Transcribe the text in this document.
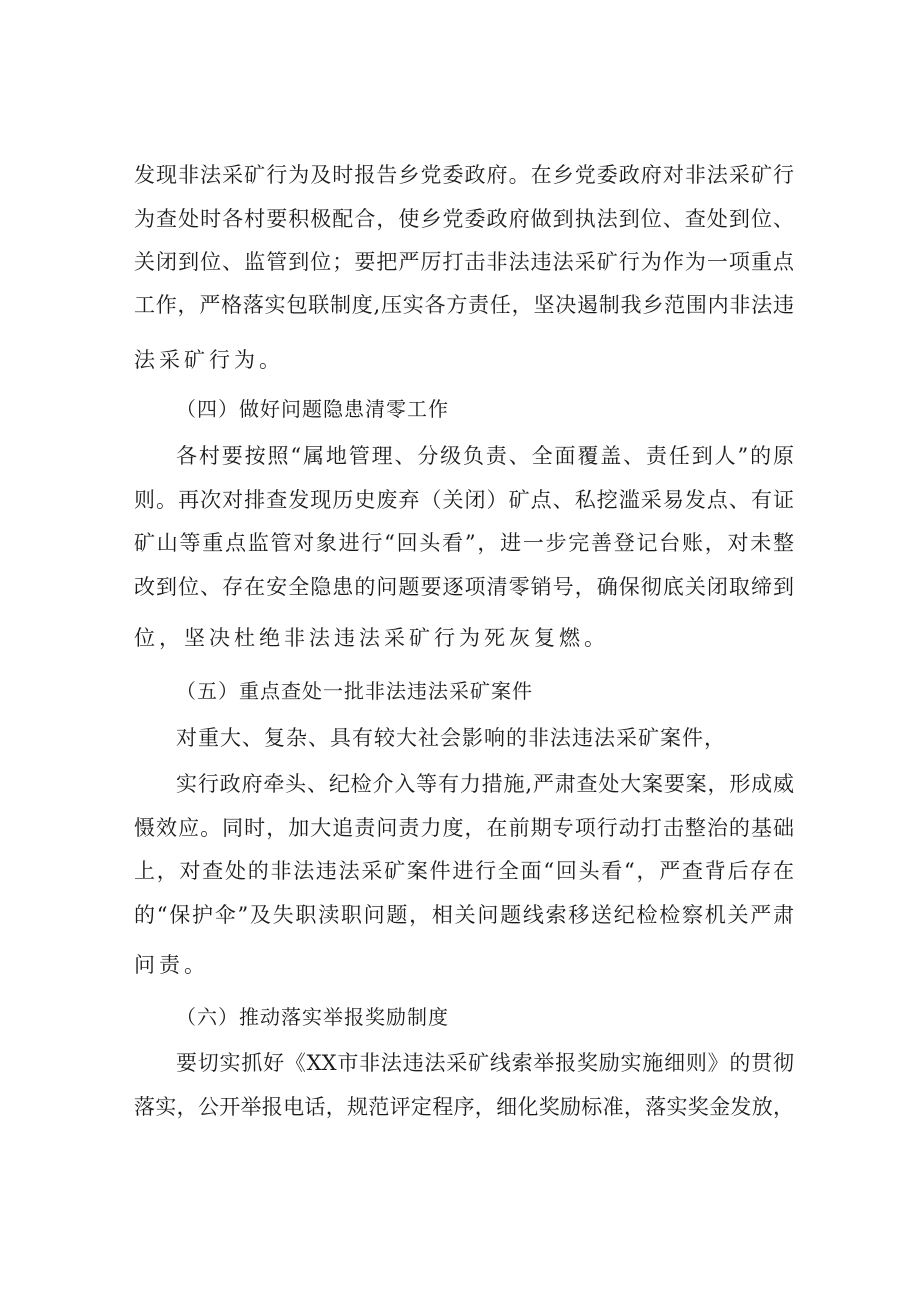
发现非法采矿行为及时报告乡党委政府。在乡党委政府对非法采矿行
为查处时各村要积极配合，使乡党委政府做到执法到位、查处到位、
关闭到位、监管到位；要把严厉打击非法违法采矿行为作为一项重点
工作，严格落实包联制度,压实各方责任，坚决遏制我乡范围内非法违
法采矿行为。
（四）做好问题隐患清零工作
各村要按照“属地管理、分级负责、全面覆盖、责任到人”的原
则。再次对排查发现历史废弃（关闭）矿点、私挖滥采易发点、有证
矿山等重点监管对象进行“回头看”，进一步完善登记台账，对未整
改到位、存在安全隐患的问题要逐项清零销号，确保彻底关闭取缔到
位，坚决杜绝非法违法采矿行为死灰复燃。
（五）重点查处一批非法违法采矿案件
对重大、复杂、具有较大社会影响的非法违法采矿案件，
实行政府牵头、纪检介入等有力措施,严肃查处大案要案，形成威
慑效应。同时，加大追责问责力度，在前期专项行动打击整治的基础
上，对查处的非法违法采矿案件进行全面“回头看“，严查背后存在
的“保护伞”及失职渎职问题，相关问题线索移送纪检检察机关严肃
问责。
（六）推动落实举报奖励制度
要切实抓好《XX市非法违法采矿线索举报奖励实施细则》的贯彻
落实，公开举报电话，规范评定程序，细化奖励标准，落实奖金发放，
